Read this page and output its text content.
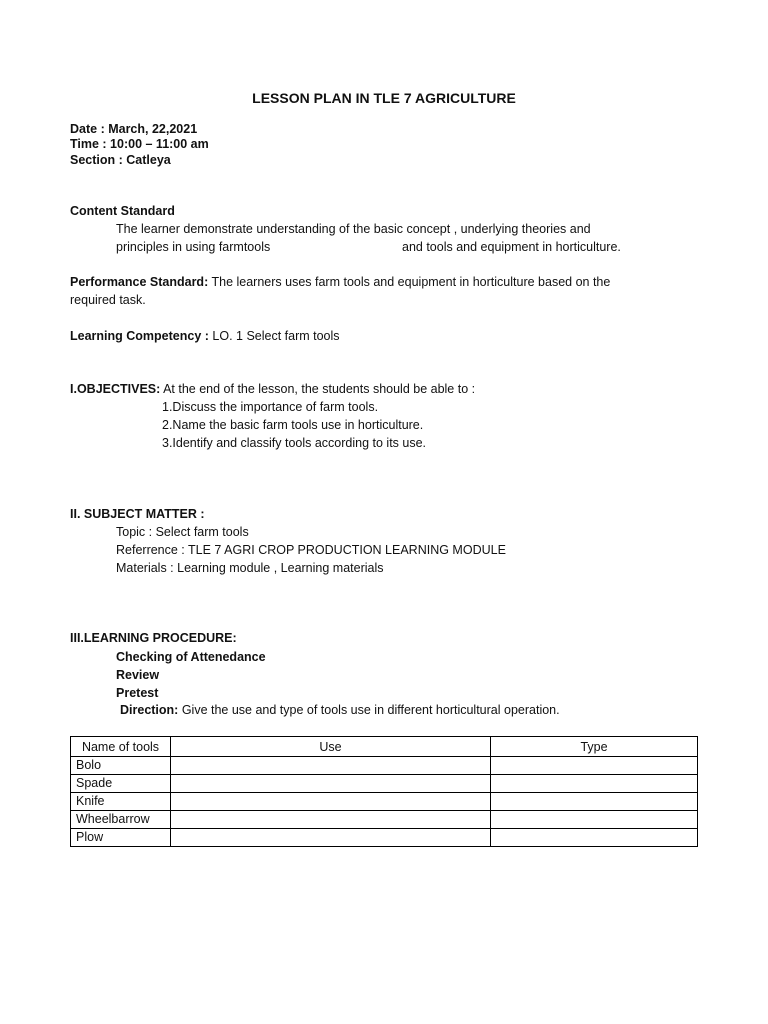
LESSON PLAN IN TLE 7 AGRICULTURE
Date : March, 22,2021
Time : 10:00 – 11:00 am
Section : Catleya
Content Standard
The learner demonstrate understanding of the basic concept , underlying theories and
principles in using farmtools	and tools and equipment in horticulture.
Performance Standard: The learners uses farm tools and equipment in horticulture based on the
required task.
Learning Competency : LO. 1 Select farm tools
I.OBJECTIVES: At the end of the lesson, the students should be able to :
1.Discuss the importance of farm tools.
2.Name the basic farm tools use in horticulture.
3.Identify and classify tools according to its use.
II. SUBJECT MATTER :
Topic : Select farm tools
Referrence : TLE 7 AGRI CROP PRODUCTION LEARNING MODULE
Materials : Learning module , Learning materials
III.LEARNING PROCEDURE:
Checking of Attenedance
Review
Pretest
Direction: Give the use and type of tools use in different horticultural operation.
Name of tools	Use	Type
Bolo		
Spade		
Knife		
Wheelbarrow		
Plow		
